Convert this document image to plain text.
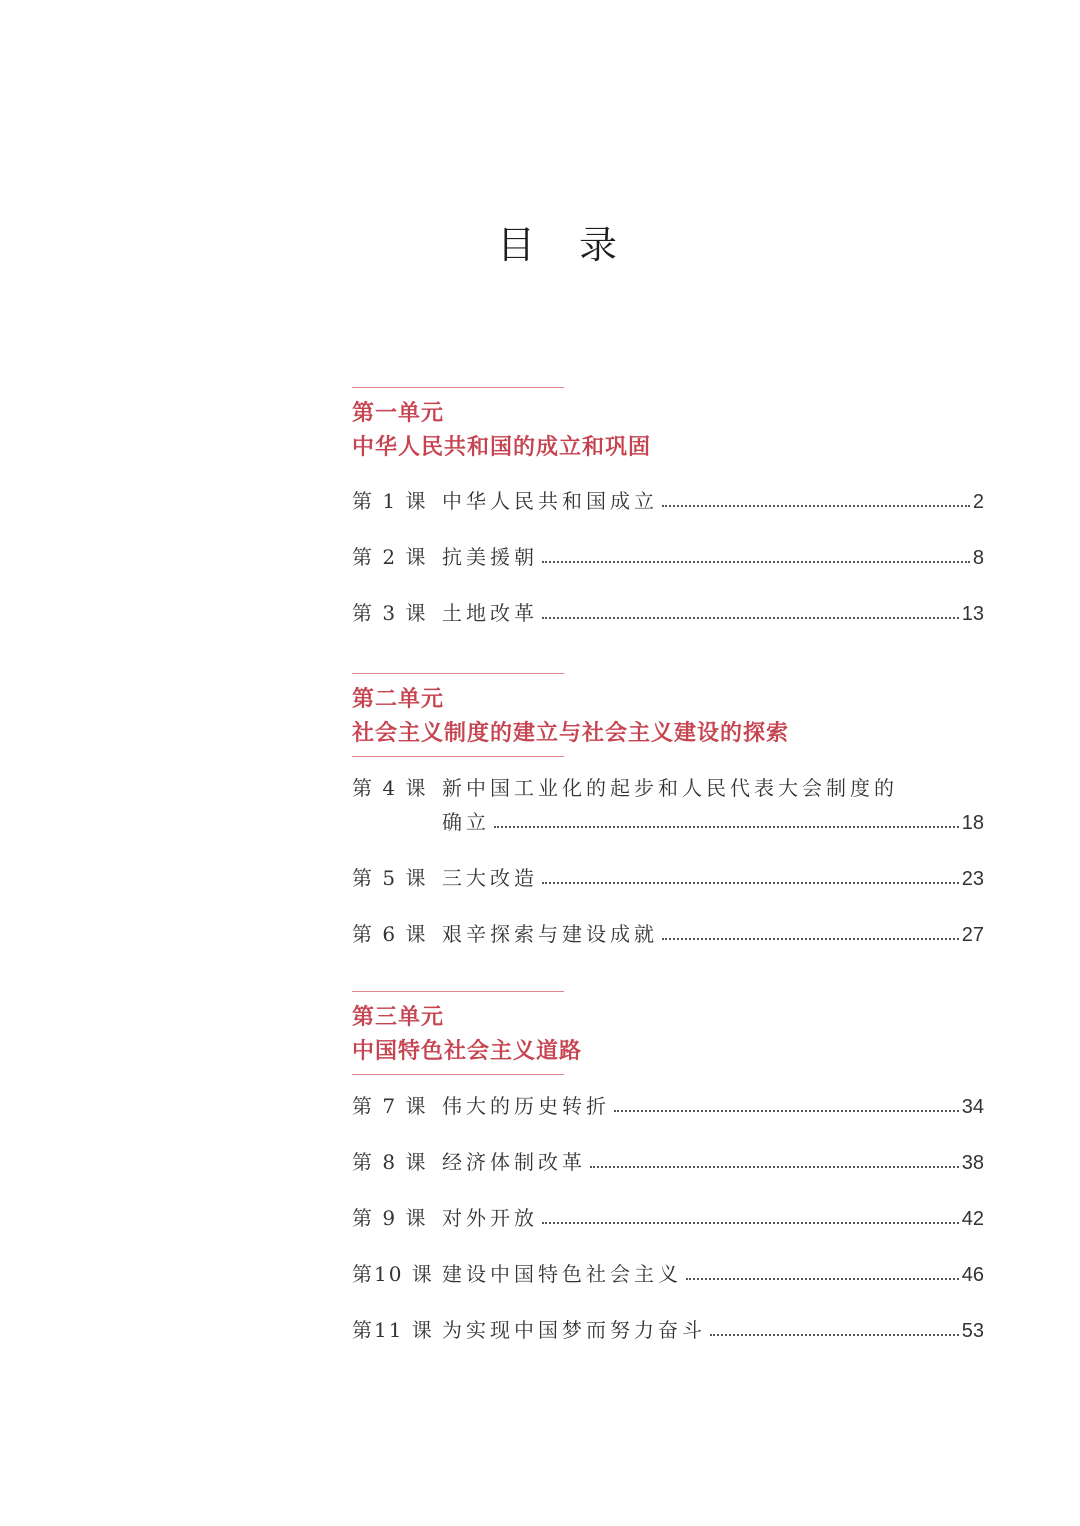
目 录
第一单元
中华人民共和国的成立和巩固
第 1 课 中华人民共和国成立	2
第 2 课 抗美援朝	8
第 3 课 土地改革	13
第二单元
社会主义制度的建立与社会主义建设的探索
第 4 课 新中国工业化的起步和人民代表大会制度的
确立	18
第 5 课 三大改造	23
第 6 课 艰辛探索与建设成就	27
第三单元
中国特色社会主义道路
第 7 课 伟大的历史转折	34
第 8 课 经济体制改革	38
第 9 课 对外开放	42
第10 课 建设中国特色社会主义	46
第11 课 为实现中国梦而努力奋斗	53
